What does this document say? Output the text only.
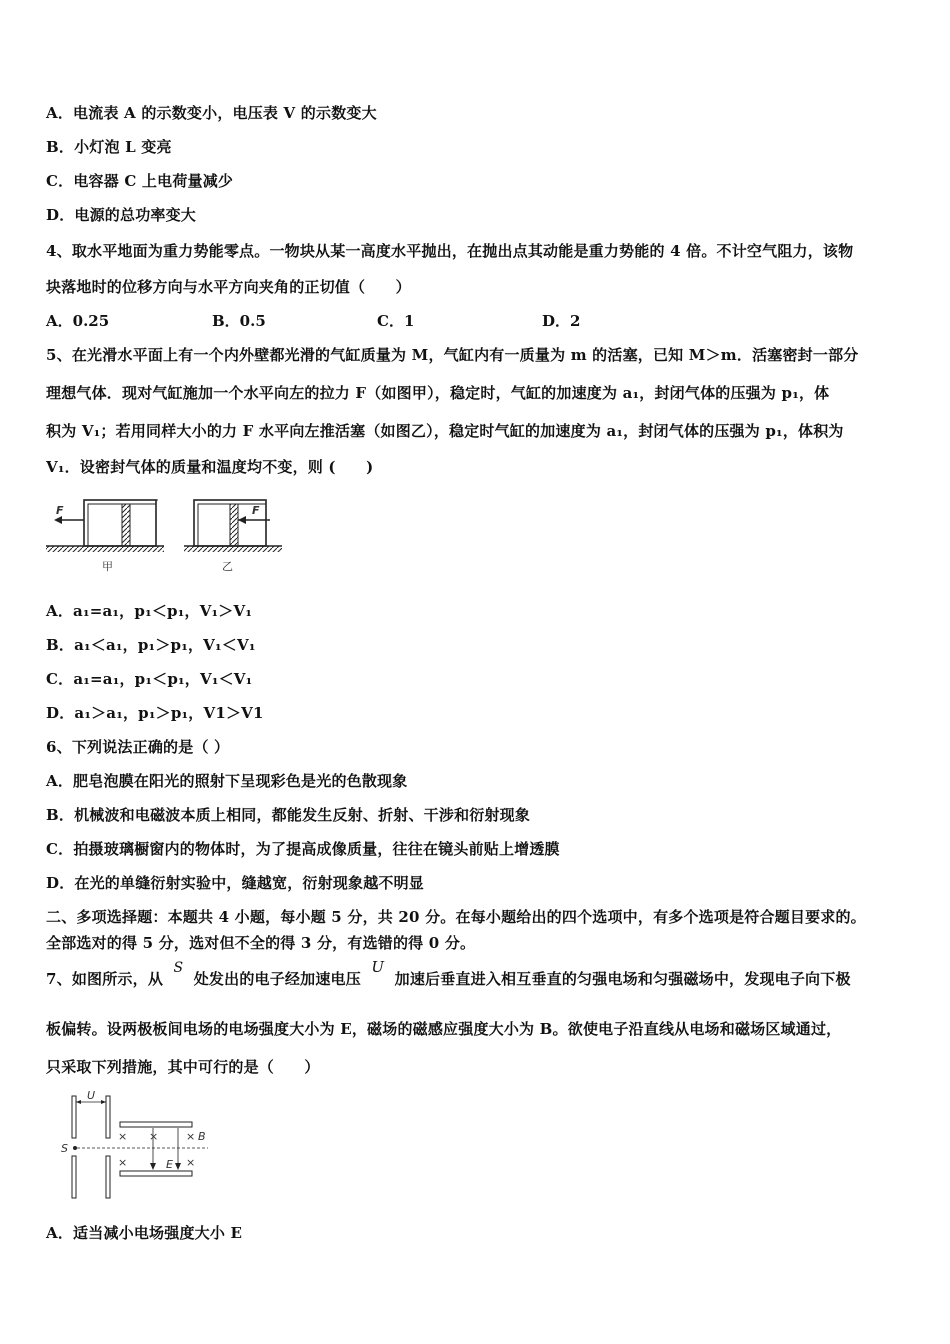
A．电流表 A 的示数变小，电压表 V 的示数变大
B．小灯泡 L 变亮
C．电容器 C 上电荷量减少
D．电源的总功率变大
4、取水平地面为重力势能零点。一物块从某一高度水平抛出，在抛出点其动能是重力势能的 4 倍。不计空气阻力，该物
块落地时的位移方向与水平方向夹角的正切值（　　）
A．0.25	B．0.5	C．1	D．2
5、在光滑水平面上有一个内外壁都光滑的气缸质量为 M，气缸内有一质量为 m 的活塞，已知 M＞m．活塞密封一部分
理想气体．现对气缸施加一个水平向左的拉力 F（如图甲），稳定时，气缸的加速度为 a₁，封闭气体的压强为 p₁，体
积为 V₁；若用同样大小的力 F 水平向左推活塞（如图乙），稳定时气缸的加速度为 a₁，封闭气体的压强为 p₁，体积为
V₁．设密封气体的质量和温度均不变，则 (　　)
F
甲
F
乙
A．a₁=a₁，p₁＜p₁，V₁＞V₁
B．a₁＜a₁，p₁＞p₁，V₁＜V₁
C．a₁=a₁，p₁＜p₁，V₁＜V₁
D．a₁＞a₁，p₁＞p₁，V1＞V1
6、下列说法正确的是（ ）
A．肥皂泡膜在阳光的照射下呈现彩色是光的色散现象
B．机械波和电磁波本质上相同，都能发生反射、折射、干涉和衍射现象
C．拍摄玻璃橱窗内的物体时，为了提高成像质量，往往在镜头前贴上增透膜
D．在光的单缝衍射实验中，缝越宽，衍射现象越不明显
二、多项选择题：本题共 4 小题，每小题 5 分，共 20 分。在每小题给出的四个选项中，有多个选项是符合题目要求的。
全部选对的得 5 分，选对但不全的得 3 分，有选错的得 0 分。
7、如图所示，从 S 处发出的电子经加速电压 U 加速后垂直进入相互垂直的匀强电场和匀强磁场中，发现电子向下极
板偏转。设两极板间电场的电场强度大小为 E，磁场的磁感应强度大小为 B。欲使电子沿直线从电场和磁场区域通过，
只采取下列措施，其中可行的是（　　）
U
S
× ×	×
×	×
B
E
A．适当减小电场强度大小 E
